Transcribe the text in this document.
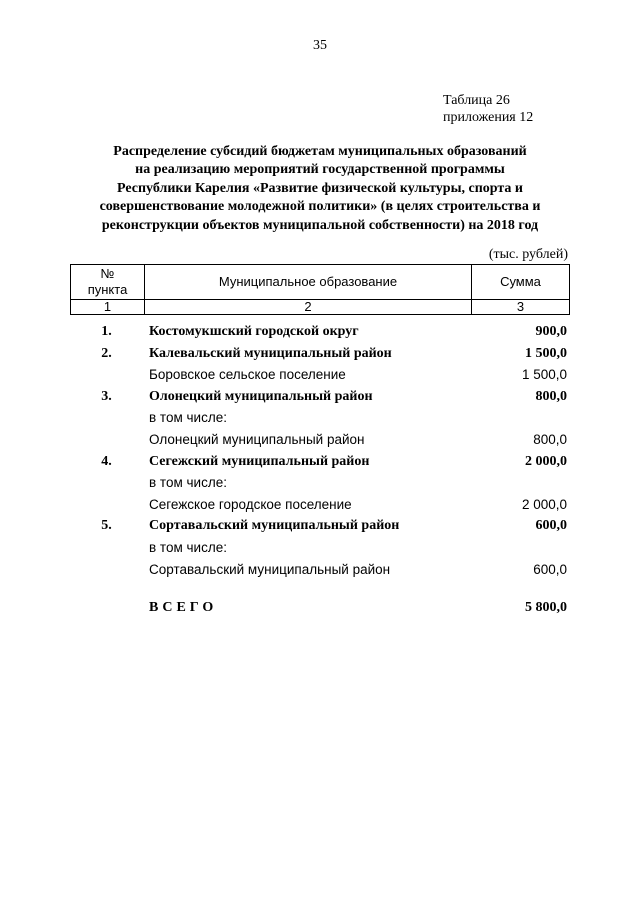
35
Таблица 26
приложения 12
Распределение субсидий бюджетам муниципальных образований
на реализацию мероприятий государственной программы
Республики Карелия «Развитие физической культуры, спорта и
совершенствование молодежной политики» (в целях строительства и
реконструкции объектов муниципальной собственности) на 2018 год
(тыс. рублей)
№
пункта	Муниципальное образование	Сумма
1	2	3
1.	Костомукшский городской округ	900,0
2.	Калевальский муниципальный район	1 500,0
Боровское сельское поселение	1 500,0
3.	Олонецкий муниципальный район	800,0
в том числе:
Олонецкий муниципальный район	800,0
4.	Сегежский муниципальный район	2 000,0
в том числе:
Сегежское городское поселение	2 000,0
5.	Сортавальский муниципальный район	600,0
в том числе:
Сортавальский муниципальный район	600,0
ВСЕГО	5 800,0
